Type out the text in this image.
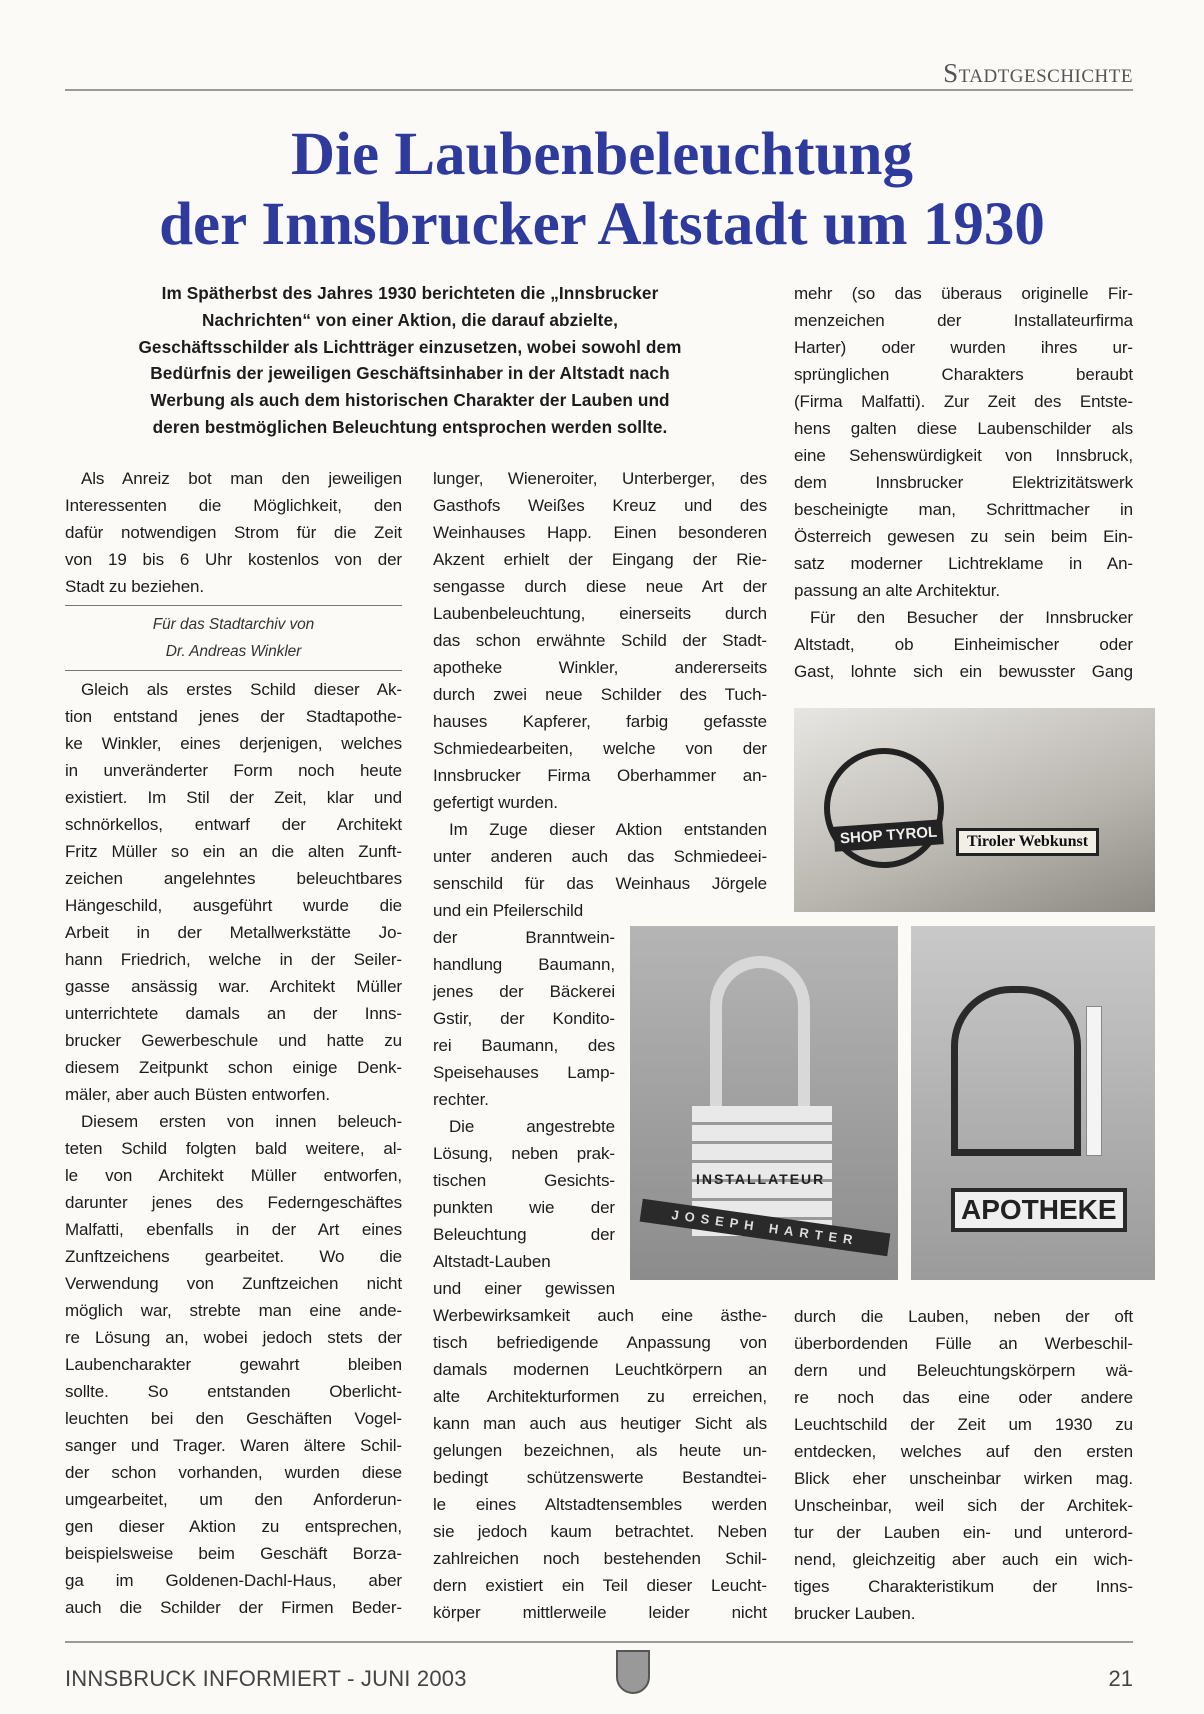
Stadtgeschichte
Die Laubenbeleuchtung
der Innsbrucker Altstadt um 1930
Im Spätherbst des Jahres 1930 berichteten die „Innsbrucker
Nachrichten“ von einer Aktion, die darauf abzielte,
Geschäftsschilder als Lichtträger einzusetzen, wobei sowohl dem
Bedürfnis der jeweiligen Geschäftsinhaber in der Altstadt nach
Werbung als auch dem historischen Charakter der Lauben und
deren bestmöglichen Beleuchtung entsprochen werden sollte.
Als Anreiz bot man den jeweiligen
Interessenten die Möglichkeit, den
dafür notwendigen Strom für die Zeit
von 19 bis 6 Uhr kostenlos von der
Stadt zu beziehen.
Für das Stadtarchiv von
Dr. Andreas Winkler
Gleich als erstes Schild dieser Ak-
tion entstand jenes der Stadtapothe-
ke Winkler, eines derjenigen, welches
in unveränderter Form noch heute
existiert. Im Stil der Zeit, klar und
schnörkellos, entwarf der Architekt
Fritz Müller so ein an die alten Zunft-
zeichen angelehntes beleuchtbares
Hängeschild, ausgeführt wurde die
Arbeit in der Metallwerkstätte Jo-
hann Friedrich, welche in der Seiler-
gasse ansässig war. Architekt Müller
unterrichtete damals an der Inns-
brucker Gewerbeschule und hatte zu
diesem Zeitpunkt schon einige Denk-
mäler, aber auch Büsten entworfen.
Diesem ersten von innen beleuch-
teten Schild folgten bald weitere, al-
le von Architekt Müller entworfen,
darunter jenes des Federngeschäftes
Malfatti, ebenfalls in der Art eines
Zunftzeichens gearbeitet. Wo die
Verwendung von Zunftzeichen nicht
möglich war, strebte man eine ande-
re Lösung an, wobei jedoch stets der
Laubencharakter gewahrt bleiben
sollte. So entstanden Oberlicht-
leuchten bei den Geschäften Vogel-
sanger und Trager. Waren ältere Schil-
der schon vorhanden, wurden diese
umgearbeitet, um den Anforderun-
gen dieser Aktion zu entsprechen,
beispielsweise beim Geschäft Borza-
ga im Goldenen-Dachl-Haus, aber
auch die Schilder der Firmen Beder-
lunger, Wieneroiter, Unterberger, des
Gasthofs Weißes Kreuz und des
Weinhauses Happ. Einen besonderen
Akzent erhielt der Eingang der Rie-
sengasse durch diese neue Art der
Laubenbeleuchtung, einerseits durch
das schon erwähnte Schild der Stadt-
apotheke Winkler, andererseits
durch zwei neue Schilder des Tuch-
hauses Kapferer, farbig gefasste
Schmiedearbeiten, welche von der
Innsbrucker Firma Oberhammer an-
gefertigt wurden.
Im Zuge dieser Aktion entstanden
unter anderen auch das Schmiedeei-
senschild für das Weinhaus Jörgele
und ein Pfeilerschild
der Branntwein-
handlung Baumann,
jenes der Bäckerei
Gstir, der Kondito-
rei Baumann, des
Speisehauses Lamp-
rechter.
Die angestrebte
Lösung, neben prak-
tischen Gesichts-
punkten wie der
Beleuchtung der
Altstadt-Lauben
und einer gewissen
Werbewirksamkeit auch eine ästhe-
tisch befriedigende Anpassung von
damals modernen Leuchtkörpern an
alte Architekturformen zu erreichen,
kann man auch aus heutiger Sicht als
gelungen bezeichnen, als heute un-
bedingt schützenswerte Bestandtei-
le eines Altstadtensembles werden
sie jedoch kaum betrachtet. Neben
zahlreichen noch bestehenden Schil-
dern existiert ein Teil dieser Leucht-
körper mittlerweile leider nicht
mehr (so das überaus originelle Fir-
menzeichen der Installateurfirma
Harter) oder wurden ihres ur-
sprünglichen Charakters beraubt
(Firma Malfatti). Zur Zeit des Entste-
hens galten diese Laubenschilder als
eine Sehenswürdigkeit von Innsbruck,
dem Innsbrucker Elektrizitätswerk
bescheinigte man, Schrittmacher in
Österreich gewesen zu sein beim Ein-
satz moderner Lichtreklame in An-
passung an alte Architektur.
Für den Besucher der Innsbrucker
Altstadt, ob Einheimischer oder
Gast, lohnte sich ein bewusster Gang
durch die Lauben, neben der oft
überbordenden Fülle an Werbeschil-
dern und Beleuchtungskörpern wä-
re noch das eine oder andere
Leuchtschild der Zeit um 1930 zu
entdecken, welches auf den ersten
Blick eher unscheinbar wirken mag.
Unscheinbar, weil sich der Architek-
tur der Lauben ein- und unterord-
nend, gleichzeitig aber auch ein wich-
tiges Charakteristikum der Inns-
brucker Lauben.
SHOP TYROL	Tiroler Webkunst
INSTALLATEUR
JOSEPH HARTER	APOTHEKE
INNSBRUCK INFORMIERT - JUNI 2003	21
